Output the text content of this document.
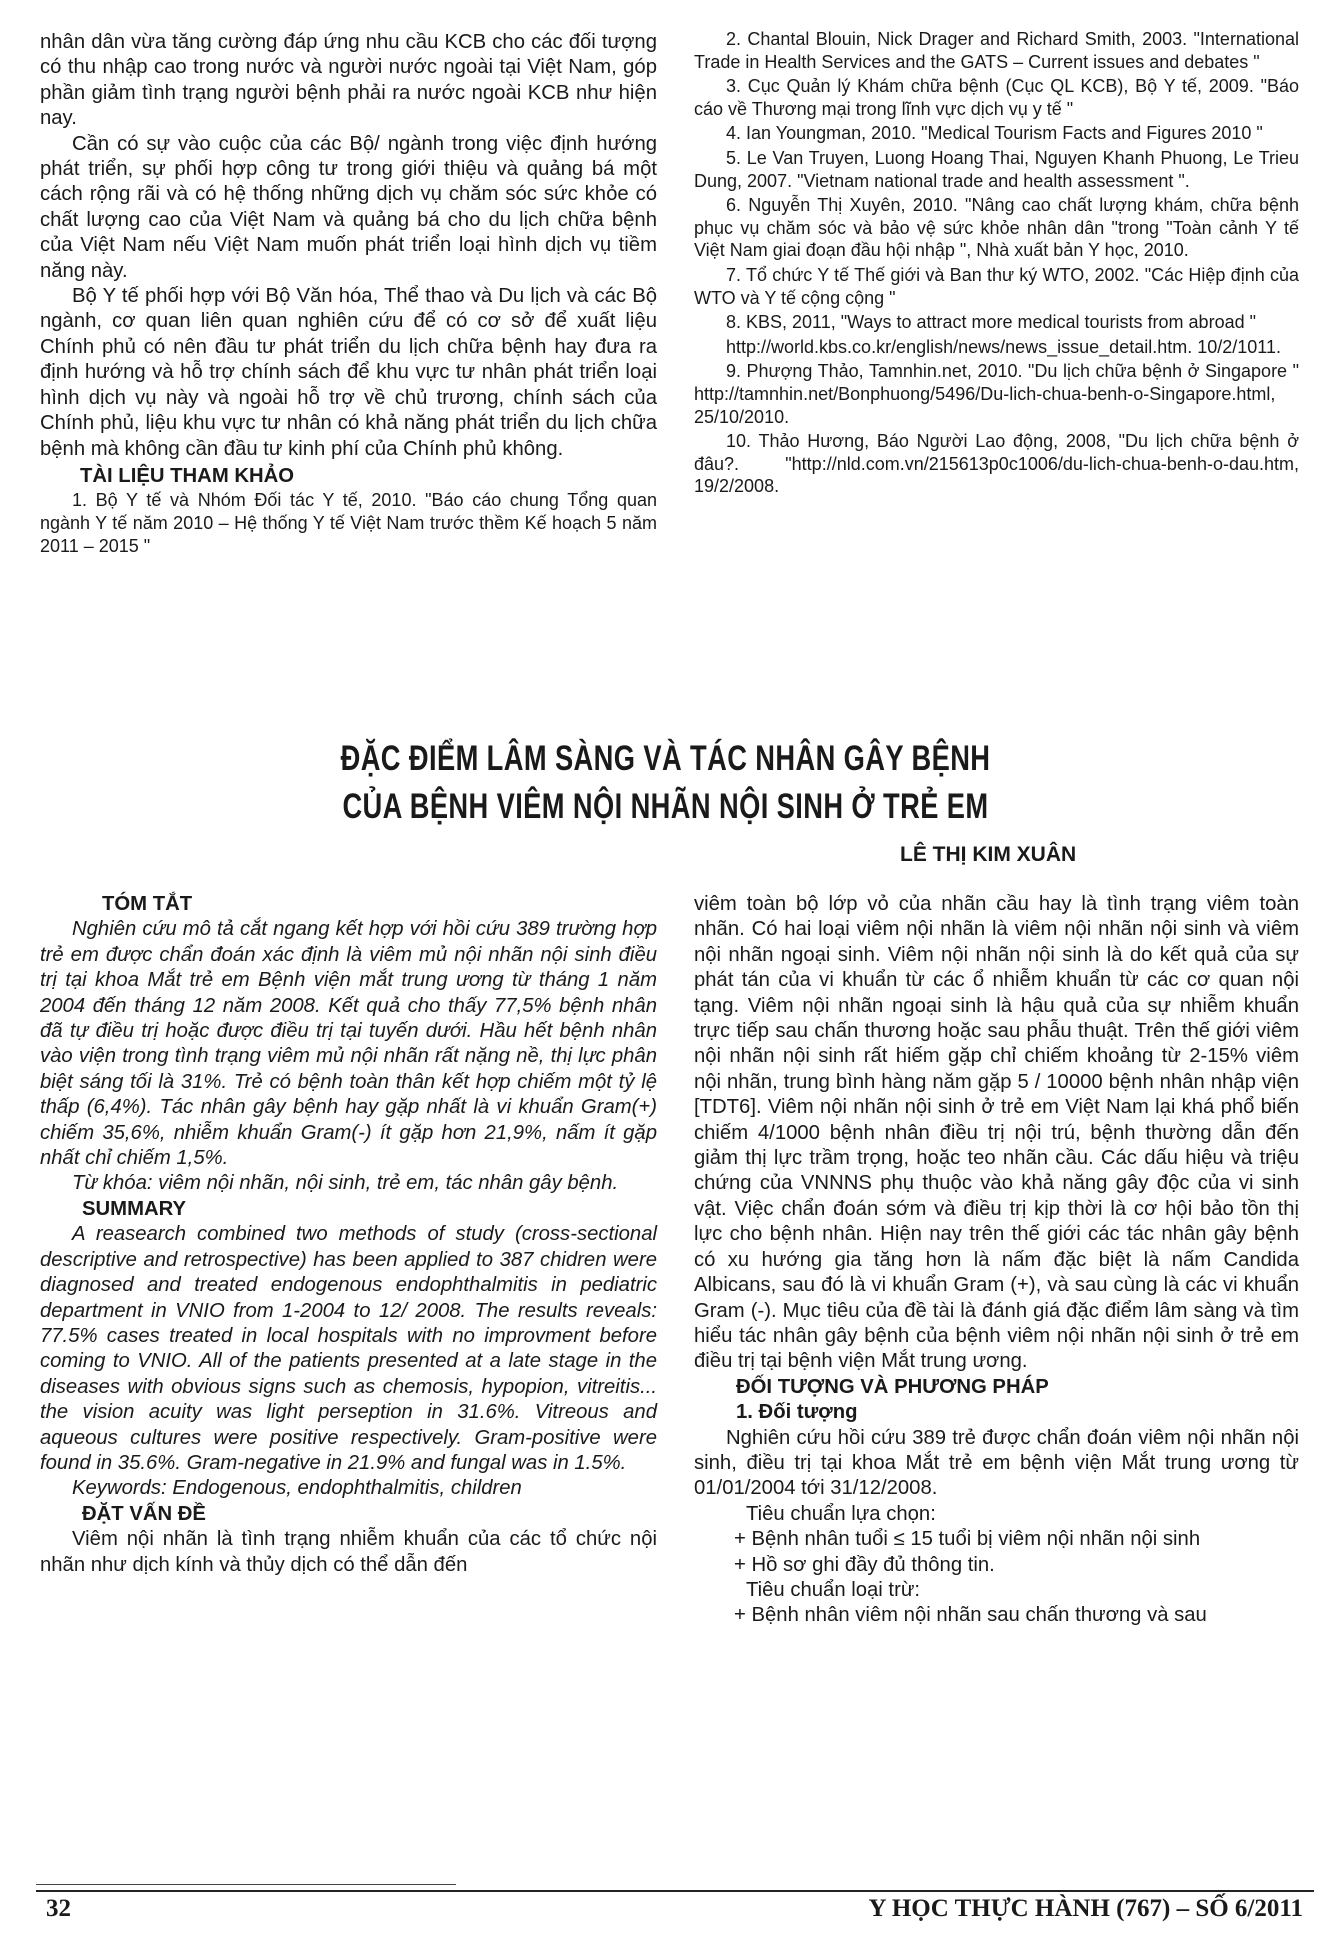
nhân dân vừa tăng cường đáp ứng nhu cầu KCB cho các đối tượng có thu nhập cao trong nước và người nước ngoài tại Việt Nam, góp phần giảm tình trạng người bệnh phải ra nước ngoài KCB như hiện nay.

Cần có sự vào cuộc của các Bộ/ ngành trong việc định hướng phát triển, sự phối hợp công tư trong giới thiệu và quảng bá một cách rộng rãi và có hệ thống những dịch vụ chăm sóc sức khỏe có chất lượng cao của Việt Nam và quảng bá cho du lịch chữa bệnh của Việt Nam nếu Việt Nam muốn phát triển loại hình dịch vụ tiềm năng này.

Bộ Y tế phối hợp với Bộ Văn hóa, Thể thao và Du lịch và các Bộ ngành, cơ quan liên quan nghiên cứu để có cơ sở để xuất liệu Chính phủ có nên đầu tư phát triển du lịch chữa bệnh hay đưa ra định hướng và hỗ trợ chính sách để khu vực tư nhân phát triển loại hình dịch vụ này và ngoài hỗ trợ về chủ trương, chính sách của Chính phủ, liệu khu vực tư nhân có khả năng phát triển du lịch chữa bệnh mà không cần đầu tư kinh phí của Chính phủ không.

TÀI LIỆU THAM KHẢO

1. Bộ Y tế và Nhóm Đối tác Y tế, 2010. "Báo cáo chung Tổng quan ngành Y tế năm 2010 – Hệ thống Y tế Việt Nam trước thềm Kế hoạch 5 năm 2011 – 2015 "

2. Chantal Blouin, Nick Drager and Richard Smith, 2003. "International Trade in Health Services and the GATS – Current issues and debates "

3. Cục Quản lý Khám chữa bệnh (Cục QL KCB), Bộ Y tế, 2009. "Báo cáo về Thương mại trong lĩnh vực dịch vụ y tế "

4. Ian Youngman, 2010. "Medical Tourism Facts and Figures 2010 "

5. Le Van Truyen, Luong Hoang Thai, Nguyen Khanh Phuong, Le Trieu Dung, 2007. "Vietnam national trade and health assessment ".

6. Nguyễn Thị Xuyên, 2010. "Nâng cao chất lượng khám, chữa bệnh phục vụ chăm sóc và bảo vệ sức khỏe nhân dân "trong "Toàn cảnh Y tế Việt Nam giai đoạn đầu hội nhập ", Nhà xuất bản Y học, 2010.

7. Tổ chức Y tế Thế giới và Ban thư ký WTO, 2002. "Các Hiệp định của WTO và Y tế cộng cộng "

8. KBS, 2011, "Ways to attract more medical tourists from abroad "

http://world.kbs.co.kr/english/news/news_issue_detail.htm. 10/2/1011.

9. Phượng Thảo, Tamnhin.net, 2010. "Du lịch chữa bệnh ở Singapore " http://tamnhin.net/Bonphuong/5496/Du-lich-chua-benh-o-Singapore.html, 25/10/2010.

10. Thảo Hương, Báo Người Lao động, 2008, "Du lịch chữa bệnh ở đâu?. "http://nld.com.vn/215613p0c1006/du-lich-chua-benh-o-dau.htm, 19/2/2008.

ĐẶC ĐIỂM LÂM SÀNG VÀ TÁC NHÂN GÂY BỆNH
CỦA BỆNH VIÊM NỘI NHÃN NỘI SINH Ở TRẺ EM
LÊ THỊ KIM XUÂN

TÓM TẮT

Nghiên cứu mô tả cắt ngang kết hợp với hồi cứu 389 trường hợp trẻ em được chẩn đoán xác định là viêm mủ nội nhãn nội sinh điều trị tại khoa Mắt trẻ em Bệnh viện mắt trung ương từ tháng 1 năm 2004 đến tháng 12 năm 2008. Kết quả cho thấy 77,5% bệnh nhân đã tự điều trị hoặc được điều trị tại tuyến dưới. Hầu hết bệnh nhân vào viện trong tình trạng viêm mủ nội nhãn rất nặng nề, thị lực phân biệt sáng tối là 31%. Trẻ có bệnh toàn thân kết hợp chiếm một tỷ lệ thấp (6,4%). Tác nhân gây bệnh hay gặp nhất là vi khuẩn Gram(+) chiếm 35,6%, nhiễm khuẩn Gram(-) ít gặp hơn 21,9%, nấm ít gặp nhất chỉ chiếm 1,5%.

Từ khóa: viêm nội nhãn, nội sinh, trẻ em, tác nhân gây bệnh.

SUMMARY

A reasearch combined two methods of study (cross-sectional descriptive and retrospective) has been applied to 387 chidren were diagnosed and treated endogenous endophthalmitis in pediatric department in VNIO from 1-2004 to 12/ 2008. The results reveals: 77.5% cases treated in local hospitals with no improvment before coming to VNIO. All of the patients presented at a late stage in the diseases with obvious signs such as chemosis, hypopion, vitreitis... the vision acuity was light perseption in 31.6%. Vitreous and aqueous cultures were positive respectively. Gram-positive were found in 35.6%. Gram-negative in 21.9% and fungal was in 1.5%.

Keywords: Endogenous, endophthalmitis, children

ĐẶT VẤN ĐỀ

Viêm nội nhãn là tình trạng nhiễm khuẩn của các tổ chức nội nhãn như dịch kính và thủy dịch có thể dẫn đến

viêm toàn bộ lớp vỏ của nhãn cầu hay là tình trạng viêm toàn nhãn. Có hai loại viêm nội nhãn là viêm nội nhãn nội sinh và viêm nội nhãn ngoại sinh. Viêm nội nhãn nội sinh là do kết quả của sự phát tán của vi khuẩn từ các ổ nhiễm khuẩn từ các cơ quan nội tạng. Viêm nội nhãn ngoại sinh là hậu quả của sự nhiễm khuẩn trực tiếp sau chấn thương hoặc sau phẫu thuật. Trên thế giới viêm nội nhãn nội sinh rất hiếm gặp chỉ chiếm khoảng từ 2-15% viêm nội nhãn, trung bình hàng năm gặp 5 / 10000 bệnh nhân nhập viện [TDT6]. Viêm nội nhãn nội sinh ở trẻ em Việt Nam lại khá phổ biến chiếm 4/1000 bệnh nhân điều trị nội trú, bệnh thường dẫn đến giảm thị lực trầm trọng, hoặc teo nhãn cầu. Các dấu hiệu và triệu chứng của VNNNS phụ thuộc vào khả năng gây độc của vi sinh vật. Việc chẩn đoán sớm và điều trị kịp thời là cơ hội bảo tồn thị lực cho bệnh nhân. Hiện nay trên thế giới các tác nhân gây bệnh có xu hướng gia tăng hơn là nấm đặc biệt là nấm Candida Albicans, sau đó là vi khuẩn Gram (+), và sau cùng là các vi khuẩn Gram (-). Mục tiêu của đề tài là đánh giá đặc điểm lâm sàng và tìm hiểu tác nhân gây bệnh của bệnh viêm nội nhãn nội sinh ở trẻ em điều trị tại bệnh viện Mắt trung ương.

ĐỐI TƯỢNG VÀ PHƯƠNG PHÁP

1. Đối tượng

Nghiên cứu hồi cứu 389 trẻ được chẩn đoán viêm nội nhãn nội sinh, điều trị tại khoa Mắt trẻ em bệnh viện Mắt trung ương từ 01/01/2004 tới 31/12/2008.

Tiêu chuẩn lựa chọn:

+ Bệnh nhân tuổi ≤ 15 tuổi bị viêm nội nhãn nội sinh

+ Hồ sơ ghi đầy đủ thông tin.

Tiêu chuẩn loại trừ:

+ Bệnh nhân viêm nội nhãn sau chấn thương và sau

32	Y HỌC THỰC HÀNH (767) – SỐ 6/2011
